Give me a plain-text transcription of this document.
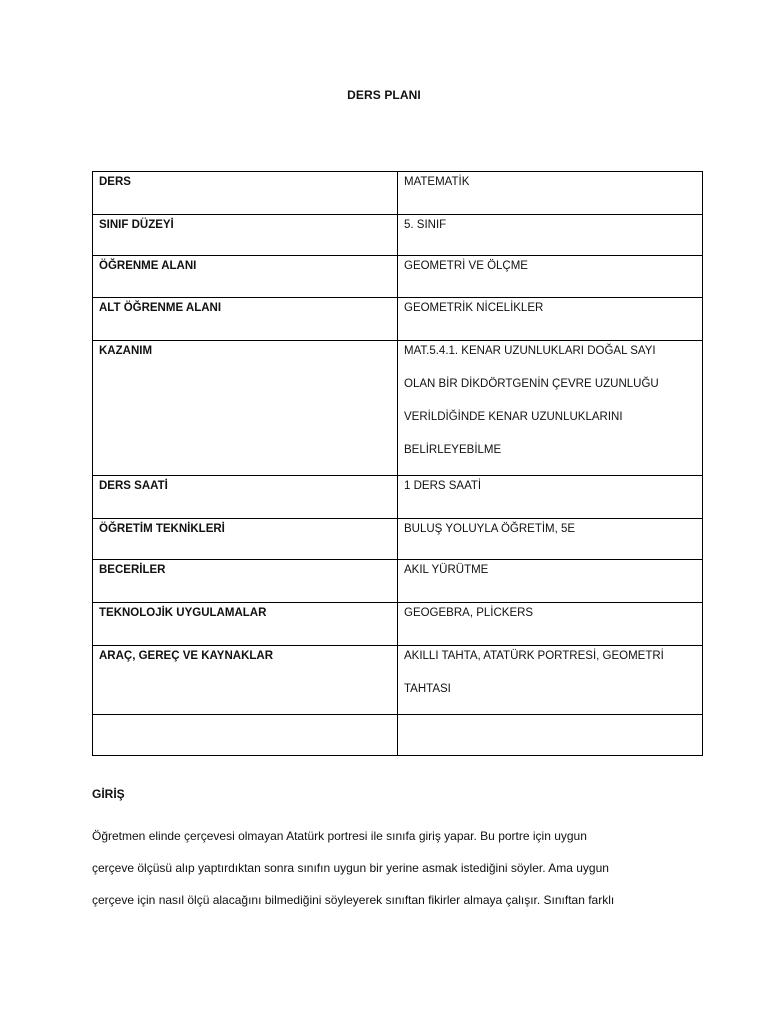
DERS PLANI
DERS	MATEMATİK

SINIF DÜZEYİ	5. SINIF

ÖĞRENME ALANI	GEOMETRİ VE ÖLÇME

ALT ÖĞRENME ALANI	GEOMETRİK NİCELİKLER

KAZANIM	MAT.5.4.1. KENAR UZUNLUKLARI DOĞAL SAYI
OLAN BİR DİKDÖRTGENİN ÇEVRE UZUNLUĞU
VERİLDİĞİNDE KENAR UZUNLUKLARINI
BELİRLEYEBİLME

DERS SAATİ	1 DERS SAATİ

ÖĞRETİM TEKNİKLERİ	BULUŞ YOLUYLA ÖĞRETİM, 5E

BECERİLER	AKIL YÜRÜTME

TEKNOLOJİK UYGULAMALAR	GEOGEBRA, PLİCKERS

ARAÇ, GEREÇ VE KAYNAKLAR	AKILLI TAHTA, ATATÜRK PORTRESİ, GEOMETRİ
TAHTASI

GİRİŞ
Öğretmen elinde çerçevesi olmayan Atatürk portresi ile sınıfa giriş yapar. Bu portre için uygun
çerçeve ölçüsü alıp yaptırdıktan sonra sınıfın uygun bir yerine asmak istediğini söyler. Ama uygun
çerçeve için nasıl ölçü alacağını bilmediğini söyleyerek sınıftan fikirler almaya çalışır. Sınıftan farklı
